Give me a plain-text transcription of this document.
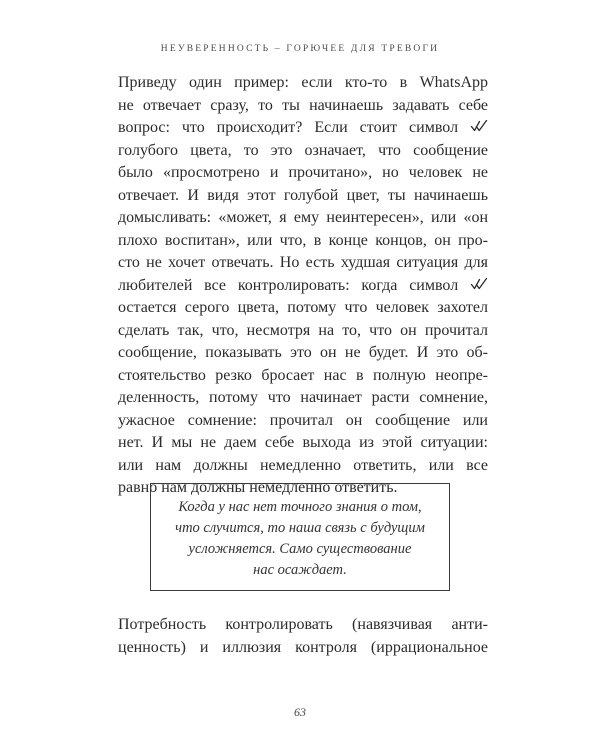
НЕУВЕРЕННОСТЬ – ГОРЮЧЕЕ ДЛЯ ТРЕВОГИ
Приведу один пример: если кто-то в WhatsApp
не отвечает сразу, то ты начинаешь задавать себе
вопрос: что происходит? Если стоит символ
голубого цвета, то это означает, что сообщение
было «просмотрено и прочитано», но человек не
отвечает. И видя этот голубой цвет, ты начинаешь
домысливать: «может, я ему неинтересен», или «он
плохо воспитан», или что, в конце концов, он про-
сто не хочет отвечать. Но есть худшая ситуация для
любителей все контролировать: когда символ
остается серого цвета, потому что человек захотел
сделать так, что, несмотря на то, что он прочитал
сообщение, показывать это он не будет. И это об-
стоятельство резко бросает нас в полную неопре-
деленность, потому что начинает расти сомнение,
ужасное сомнение: прочитал он сообщение или
нет. И мы не даем себе выхода из этой ситуации:
или нам должны немедленно ответить, или все
равно нам должны немедленно ответить.
Когда у нас нет точного знания о том,
что случится, то наша связь с будущим
усложняется. Само существование
нас осаждает.
Потребность контролировать (навязчивая анти-
ценность) и иллюзия контроля (иррациональное
63
